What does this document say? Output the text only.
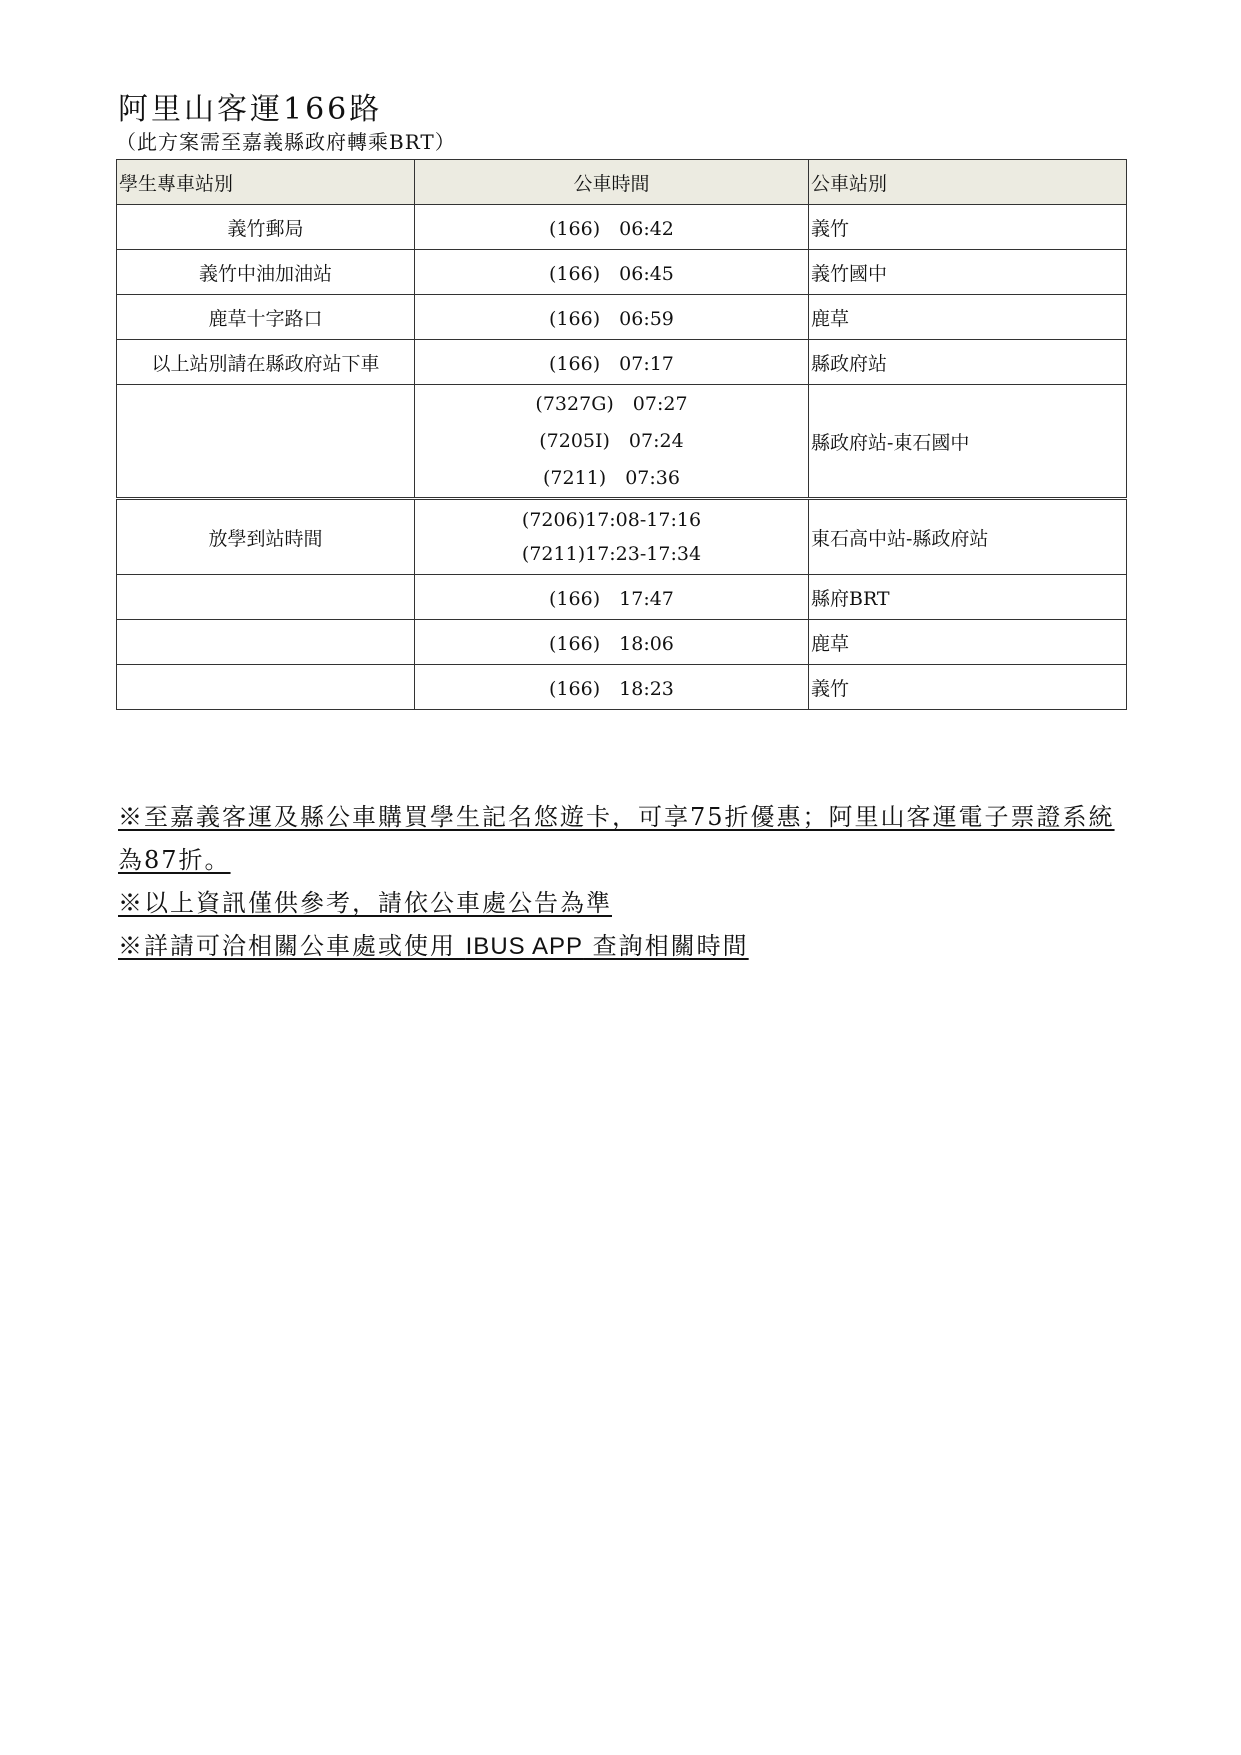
阿里山客運166路
（此方案需至嘉義縣政府轉乘BRT）
學生專車站別	公車時間	公車站別
義竹郵局	(166)　06:42	義竹
義竹中油加油站	(166)　06:45	義竹國中
鹿草十字路口	(166)　06:59	鹿草
以上站別請在縣政府站下車	(166)　07:17	縣政府站

	(7327G)　07:27
(7205I)　07:24
(7211)　07:36	縣政府站-東石國中
放學到站時間	(7206)17:08-17:16
(7211)17:23-17:34	東石高中站-縣政府站
	(166)　17:47	縣府BRT
	(166)　18:06	鹿草
	(166)　18:23	義竹
※至嘉義客運及縣公車購買學生記名悠遊卡，可享75折優惠；阿里山客運電子票證系統為87折。
※以上資訊僅供參考，請依公車處公告為準
※詳請可洽相關公車處或使用 IBUS APP 查詢相關時間
